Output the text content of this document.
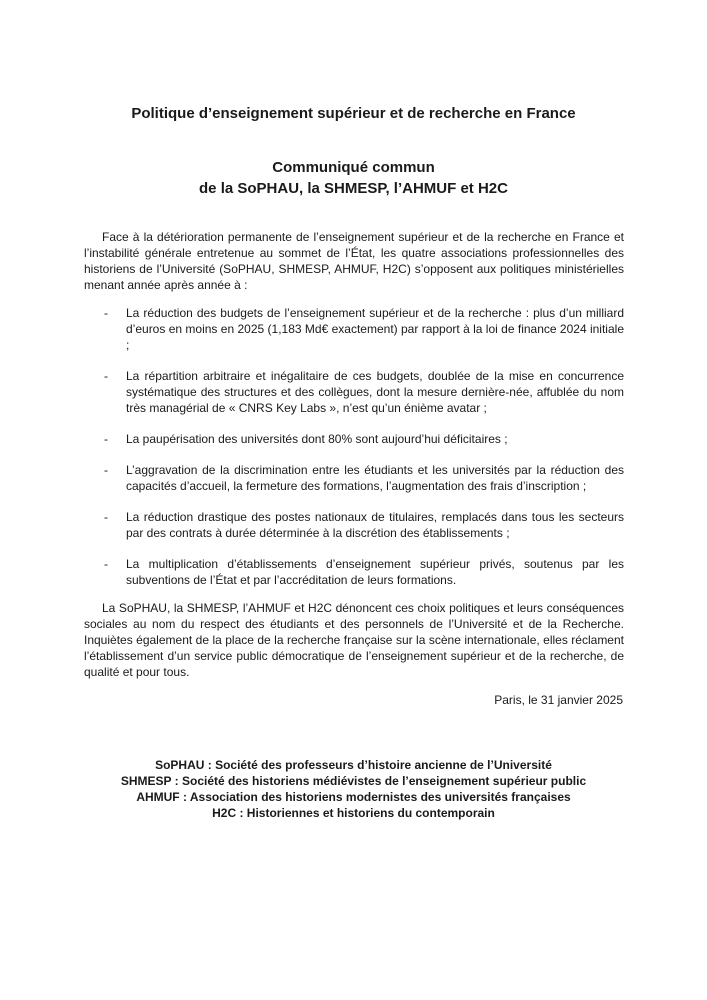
Politique d’enseignement supérieur et de recherche en France
Communiqué commun
de la SoPHAU, la SHMESP, l’AHMUF et H2C

Face à la détérioration permanente de l’enseignement supérieur et de la recherche en France et l’instabilité générale entretenue au sommet de l’État, les quatre associations professionnelles des historiens de l’Université (SoPHAU, SHMESP, AHMUF, H2C) s’opposent aux politiques ministérielles menant année après année à :

- La réduction des budgets de l’enseignement supérieur et de la recherche : plus d’un milliard d’euros en moins en 2025 (1,183 Md€ exactement) par rapport à la loi de finance 2024 initiale ;
- La répartition arbitraire et inégalitaire de ces budgets, doublée de la mise en concurrence systématique des structures et des collègues, dont la mesure dernière-née, affublée du nom très managérial de « CNRS Key Labs », n’est qu’un énième avatar ;
- La paupérisation des universités dont 80% sont aujourd’hui déficitaires ;
- L’aggravation de la discrimination entre les étudiants et les universités par la réduction des capacités d’accueil, la fermeture des formations, l’augmentation des frais d’inscription ;
- La réduction drastique des postes nationaux de titulaires, remplacés dans tous les secteurs par des contrats à durée déterminée à la discrétion des établissements ;
- La multiplication d’établissements d’enseignement supérieur privés, soutenus par les subventions de l’État et par l’accréditation de leurs formations.

La SoPHAU, la SHMESP, l’AHMUF et H2C dénoncent ces choix politiques et leurs conséquences sociales au nom du respect des étudiants et des personnels de l’Université et de la Recherche. Inquiètes également de la place de la recherche française sur la scène internationale, elles réclament l’établissement d’un service public démocratique de l’enseignement supérieur et de la recherche, de qualité et pour tous.

Paris, le 31 janvier 2025
SoPHAU : Société des professeurs d’histoire ancienne de l’Université
SHMESP : Société des historiens médiévistes de l’enseignement supérieur public
AHMUF : Association des historiens modernistes des universités françaises
H2C : Historiennes et historiens du contemporain
